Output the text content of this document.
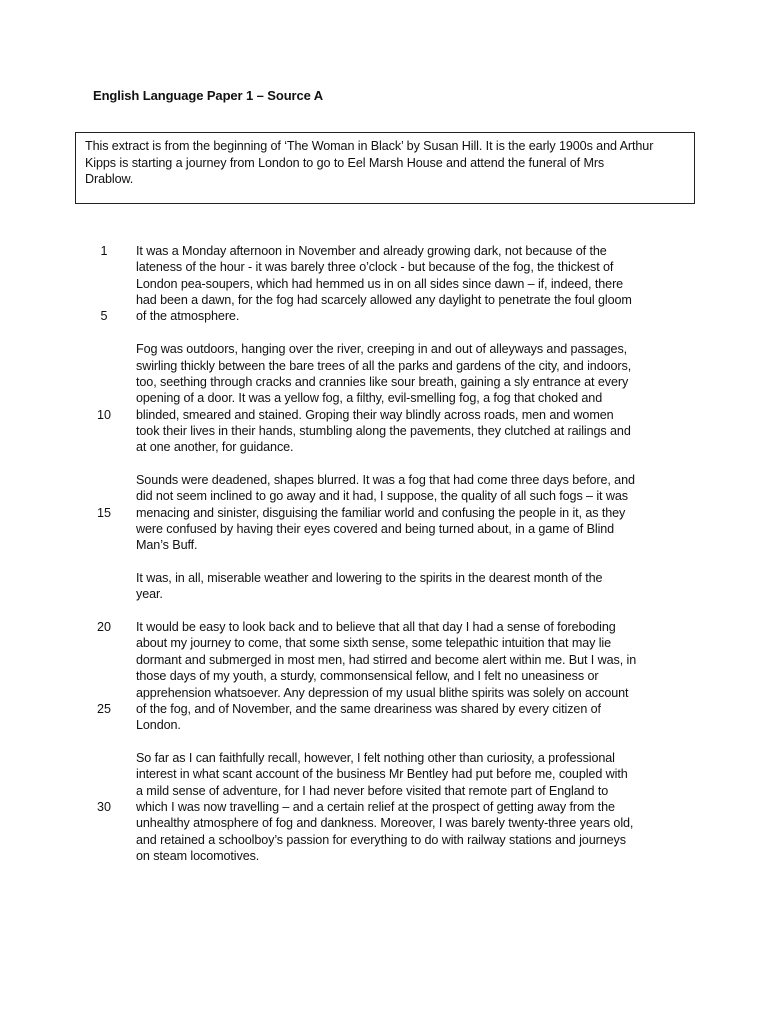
English Language Paper 1 – Source A
This extract is from the beginning of ‘The Woman in Black’ by Susan Hill. It is the early 1900s and Arthur
Kipps is starting a journey from London to go to Eel Marsh House and attend the funeral of Mrs
Drablow.
It was a Monday afternoon in November and already growing dark, not because of the
lateness of the hour - it was barely three o’clock - but because of the fog, the thickest of
London pea-soupers, which had hemmed us in on all sides since dawn – if, indeed, there
had been a dawn, for the fog had scarcely allowed any daylight to penetrate the foul gloom
of the atmosphere.
Fog was outdoors, hanging over the river, creeping in and out of alleyways and passages,
swirling thickly between the bare trees of all the parks and gardens of the city, and indoors,
too, seething through cracks and crannies like sour breath, gaining a sly entrance at every
opening of a door. It was a yellow fog, a filthy, evil-smelling fog, a fog that choked and
blinded, smeared and stained. Groping their way blindly across roads, men and women
took their lives in their hands, stumbling along the pavements, they clutched at railings and
at one another, for guidance.
Sounds were deadened, shapes blurred. It was a fog that had come three days before, and
did not seem inclined to go away and it had, I suppose, the quality of all such fogs – it was
menacing and sinister, disguising the familiar world and confusing the people in it, as they
were confused by having their eyes covered and being turned about, in a game of Blind
Man’s Buff.
It was, in all, miserable weather and lowering to the spirits in the dearest month of the
year.
It would be easy to look back and to believe that all that day I had a sense of foreboding
about my journey to come, that some sixth sense, some telepathic intuition that may lie
dormant and submerged in most men, had stirred and become alert within me. But I was, in
those days of my youth, a sturdy, commonsensical fellow, and I felt no uneasiness or
apprehension whatsoever. Any depression of my usual blithe spirits was solely on account
of the fog, and of November, and the same dreariness was shared by every citizen of
London.
So far as I can faithfully recall, however, I felt nothing other than curiosity, a professional
interest in what scant account of the business Mr Bentley had put before me, coupled with
a mild sense of adventure, for I had never before visited that remote part of England to
which I was now travelling – and a certain relief at the prospect of getting away from the
unhealthy atmosphere of fog and dankness. Moreover, I was barely twenty-three years old,
and retained a schoolboy’s passion for everything to do with railway stations and journeys
on steam locomotives.
1
5
10
15
20
25
30
